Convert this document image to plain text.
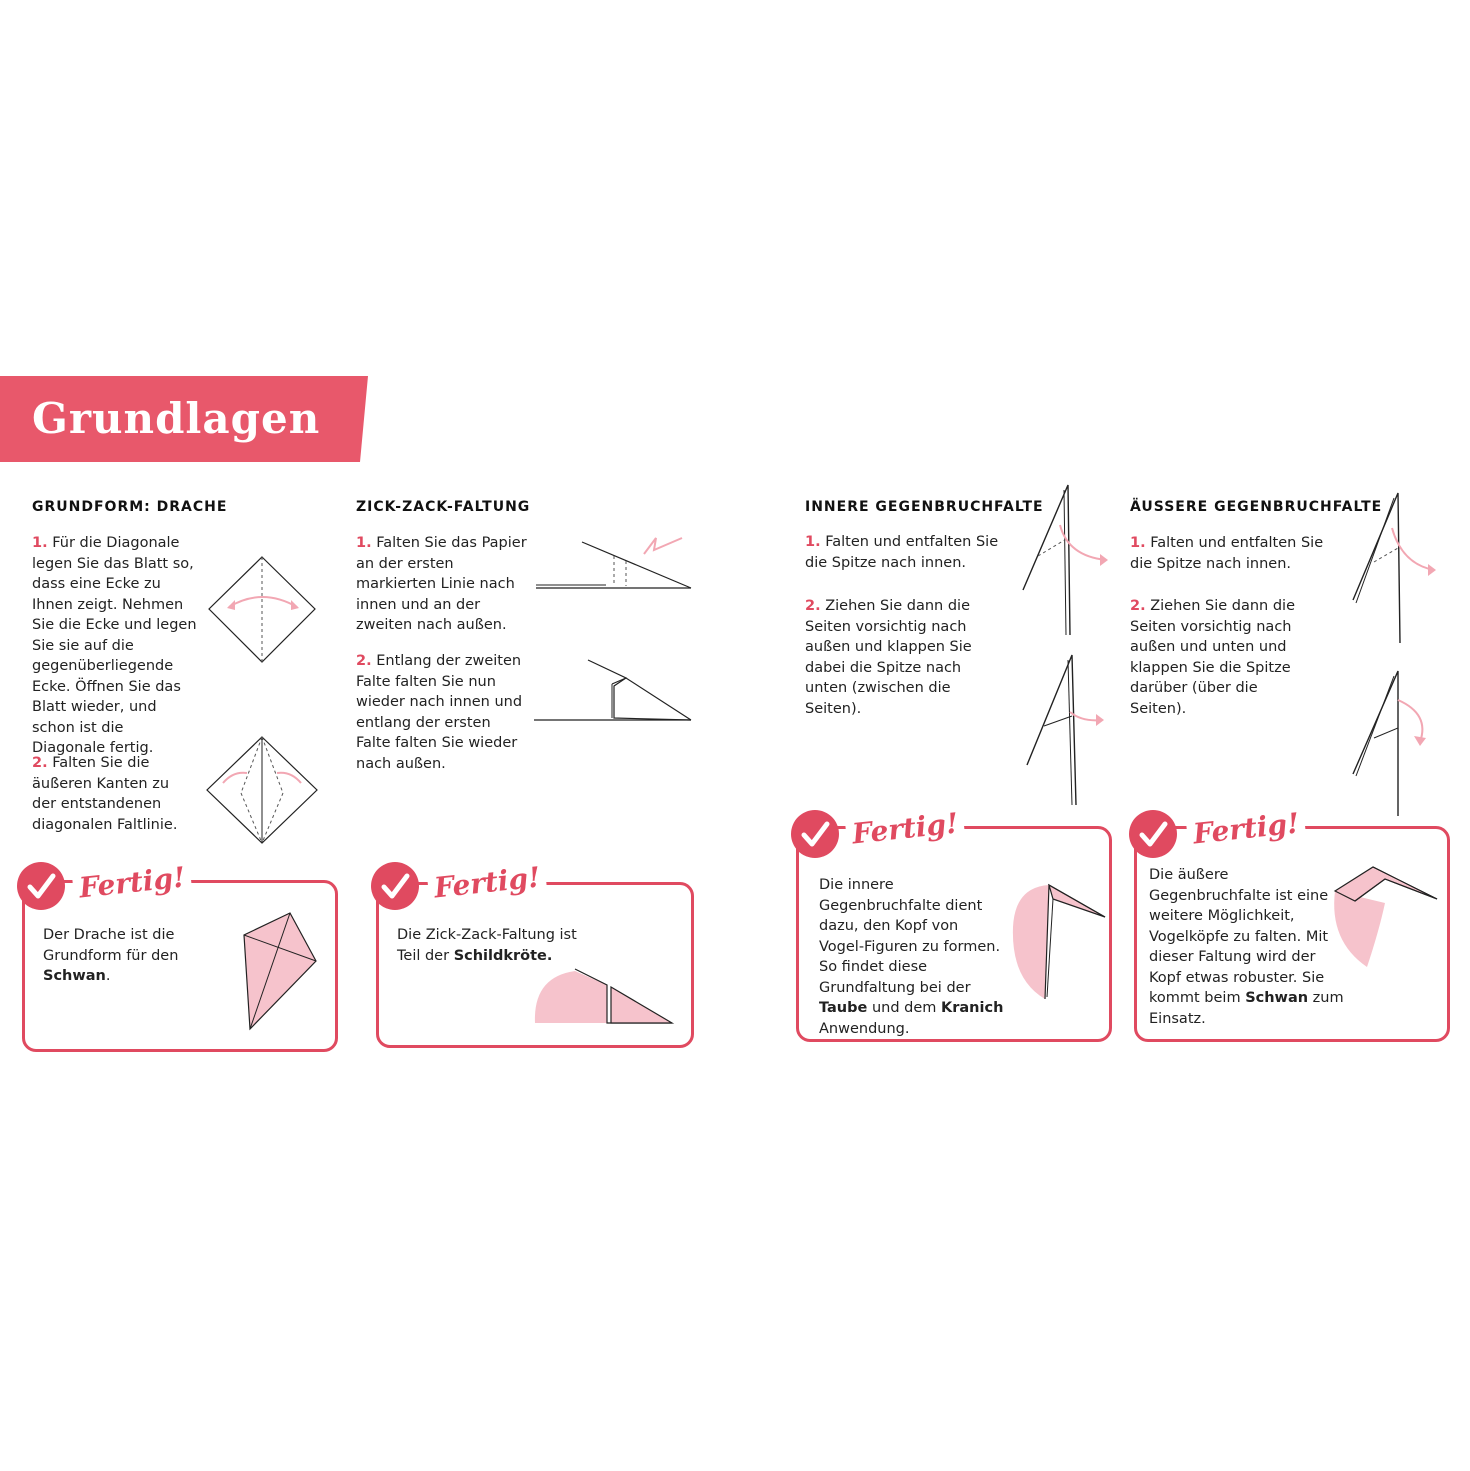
Grundlagen
GRUNDFORM: DRACHE
1. Für die Diagonale legen Sie das Blatt so, dass eine Ecke zu Ihnen zeigt. Nehmen Sie die Ecke und legen Sie sie auf die gegenüberliegende Ecke. Öffnen Sie das Blatt wieder, und schon ist die Diagonale fertig.
2. Falten Sie die äußeren Kanten zu der entstandenen diagonalen Faltlinie.
Der Drache ist die Grundform für den Schwan.
Fertig!
ZICK-ZACK-FALTUNG
1. Falten Sie das Papier an der ersten markierten Linie nach innen und an der zweiten nach außen.
2. Entlang der zweiten Falte falten Sie nun wieder nach innen und entlang der ersten Falte falten Sie wieder nach außen.
Die Zick-Zack-Faltung ist Teil der Schildkröte.
Fertig!
INNERE GEGENBRUCHFALTE
1. Falten und entfalten Sie die Spitze nach innen.
2. Ziehen Sie dann die Seiten vorsichtig nach außen und klappen Sie dabei die Spitze nach unten (zwischen die Seiten).
Die innere Gegenbruchfalte dient dazu, den Kopf von Vogel-Figuren zu formen. So findet diese Grundfaltung bei der Taube und dem Kranich Anwendung.
Fertig!
ÄUSSERE GEGENBRUCHFALTE
1. Falten und entfalten Sie die Spitze nach innen.
2. Ziehen Sie dann die Seiten vorsichtig nach außen und unten und klappen Sie die Spitze darüber (über die Seiten).
Die äußere Gegenbruchfalte ist eine weitere Möglichkeit, Vogelköpfe zu falten. Mit dieser Faltung wird der Kopf etwas robuster. Sie kommt beim Schwan zum Einsatz.
Fertig!
